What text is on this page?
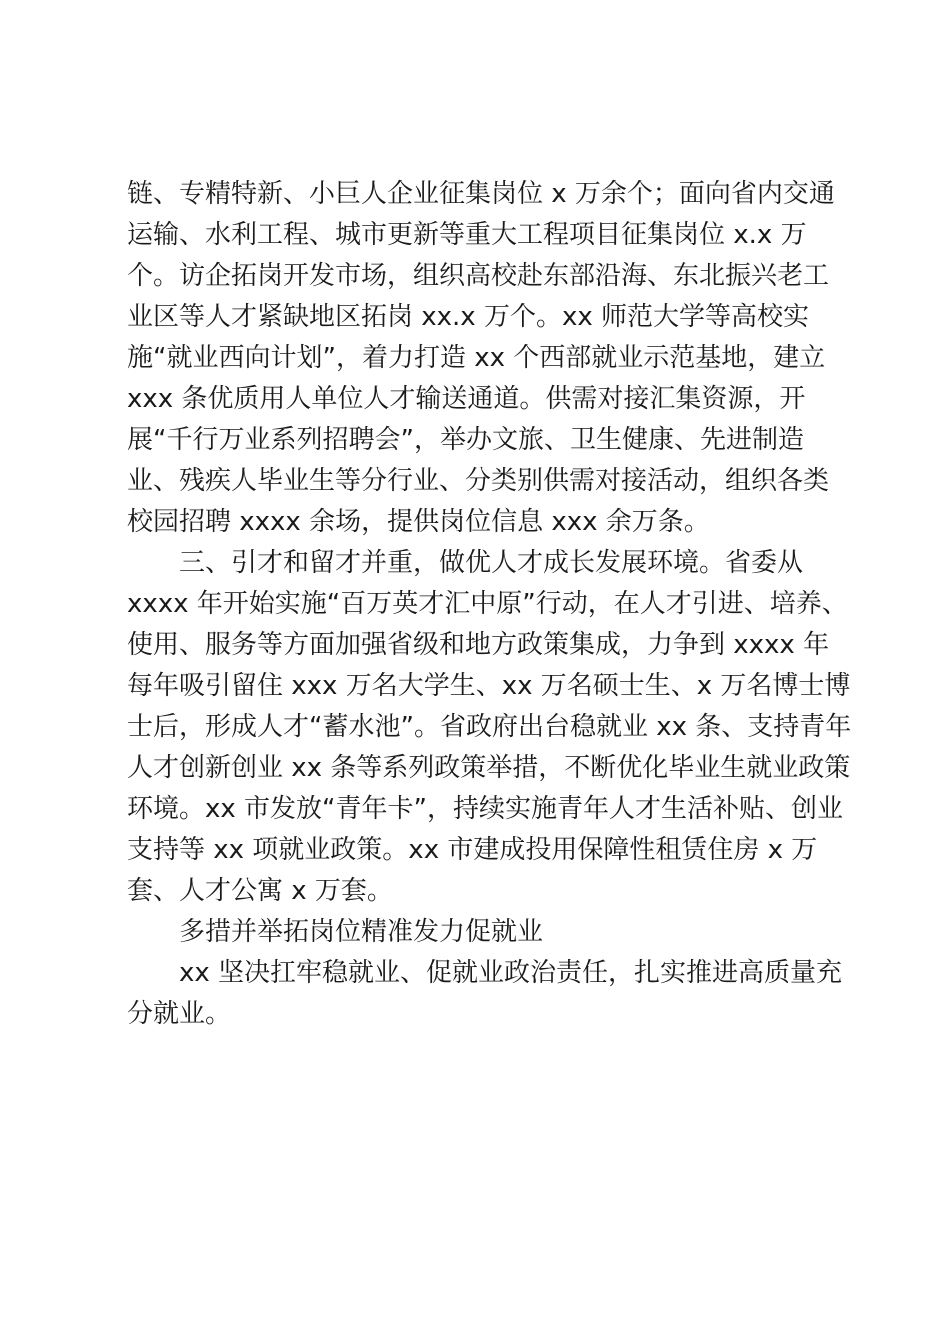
链、专精特新、小巨人企业征集岗位 x 万余个；面向省内交通
运输、水利工程、城市更新等重大工程项目征集岗位 x.x 万
个。访企拓岗开发市场，组织高校赴东部沿海、东北振兴老工
业区等人才紧缺地区拓岗 xx.x 万个。xx 师范大学等高校实
施“就业西向计划”，着力打造 xx 个西部就业示范基地，建立
xxx 条优质用人单位人才输送通道。供需对接汇集资源，开
展“千行万业系列招聘会”，举办文旅、卫生健康、先进制造
业、残疾人毕业生等分行业、分类别供需对接活动，组织各类
校园招聘 xxxx 余场，提供岗位信息 xxx 余万条。
三、引才和留才并重，做优人才成长发展环境。省委从
xxxx 年开始实施“百万英才汇中原”行动，在人才引进、培养、
使用、服务等方面加强省级和地方政策集成，力争到 xxxx 年
每年吸引留住 xxx 万名大学生、xx 万名硕士生、x 万名博士博
士后，形成人才“蓄水池”。省政府出台稳就业 xx 条、支持青年
人才创新创业 xx 条等系列政策举措，不断优化毕业生就业政策
环境。xx 市发放“青年卡”，持续实施青年人才生活补贴、创业
支持等 xx 项就业政策。xx 市建成投用保障性租赁住房 x 万
套、人才公寓 x 万套。
多措并举拓岗位精准发力促就业
xx 坚决扛牢稳就业、促就业政治责任，扎实推进高质量充
分就业。
